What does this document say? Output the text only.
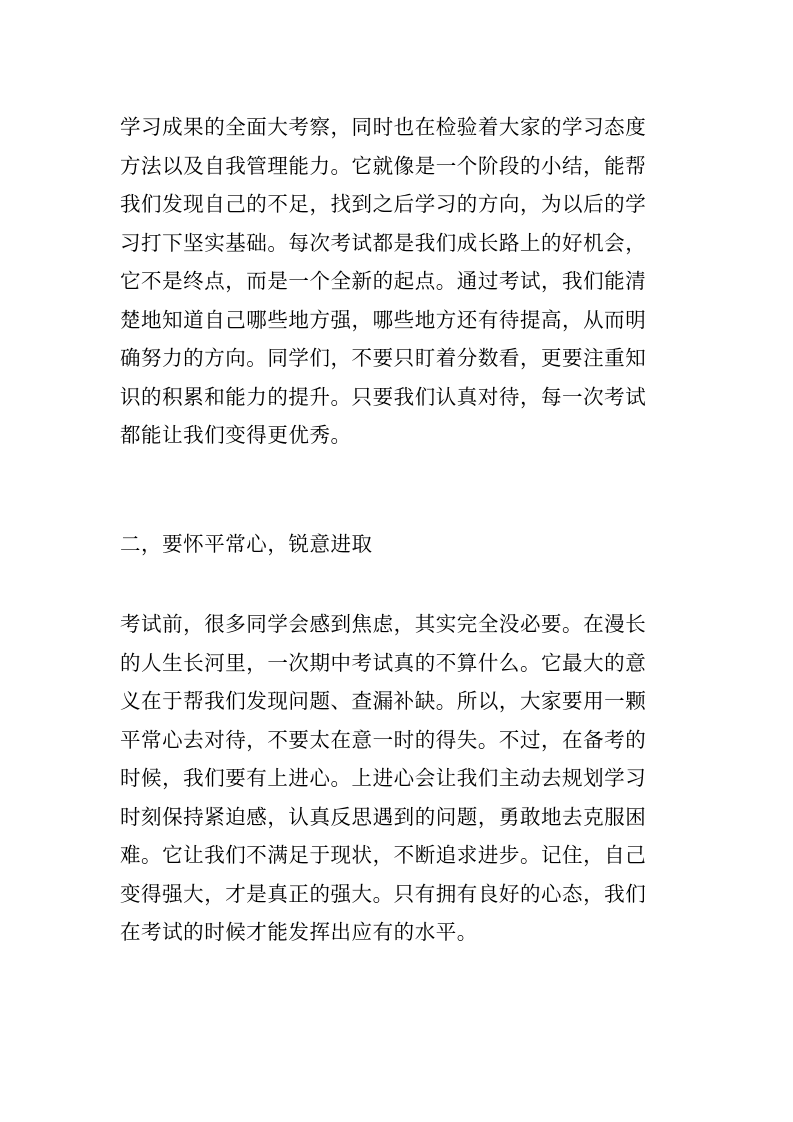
学习成果的全面大考察，同时也在检验着大家的学习态度
方法以及自我管理能力。它就像是一个阶段的小结，能帮
我们发现自己的不足，找到之后学习的方向，为以后的学
习打下坚实基础。每次考试都是我们成长路上的好机会，
它不是终点，而是一个全新的起点。通过考试，我们能清
楚地知道自己哪些地方强，哪些地方还有待提高，从而明
确努力的方向。同学们，不要只盯着分数看，更要注重知
识的积累和能力的提升。只要我们认真对待，每一次考试
都能让我们变得更优秀。
二，要怀平常心，锐意进取
考试前，很多同学会感到焦虑，其实完全没必要。在漫长
的人生长河里，一次期中考试真的不算什么。它最大的意
义在于帮我们发现问题、查漏补缺。所以，大家要用一颗
平常心去对待，不要太在意一时的得失。不过，在备考的
时候，我们要有上进心。上进心会让我们主动去规划学习
时刻保持紧迫感，认真反思遇到的问题，勇敢地去克服困
难。它让我们不满足于现状，不断追求进步。记住，自己
变得强大，才是真正的强大。只有拥有良好的心态，我们
在考试的时候才能发挥出应有的水平。
